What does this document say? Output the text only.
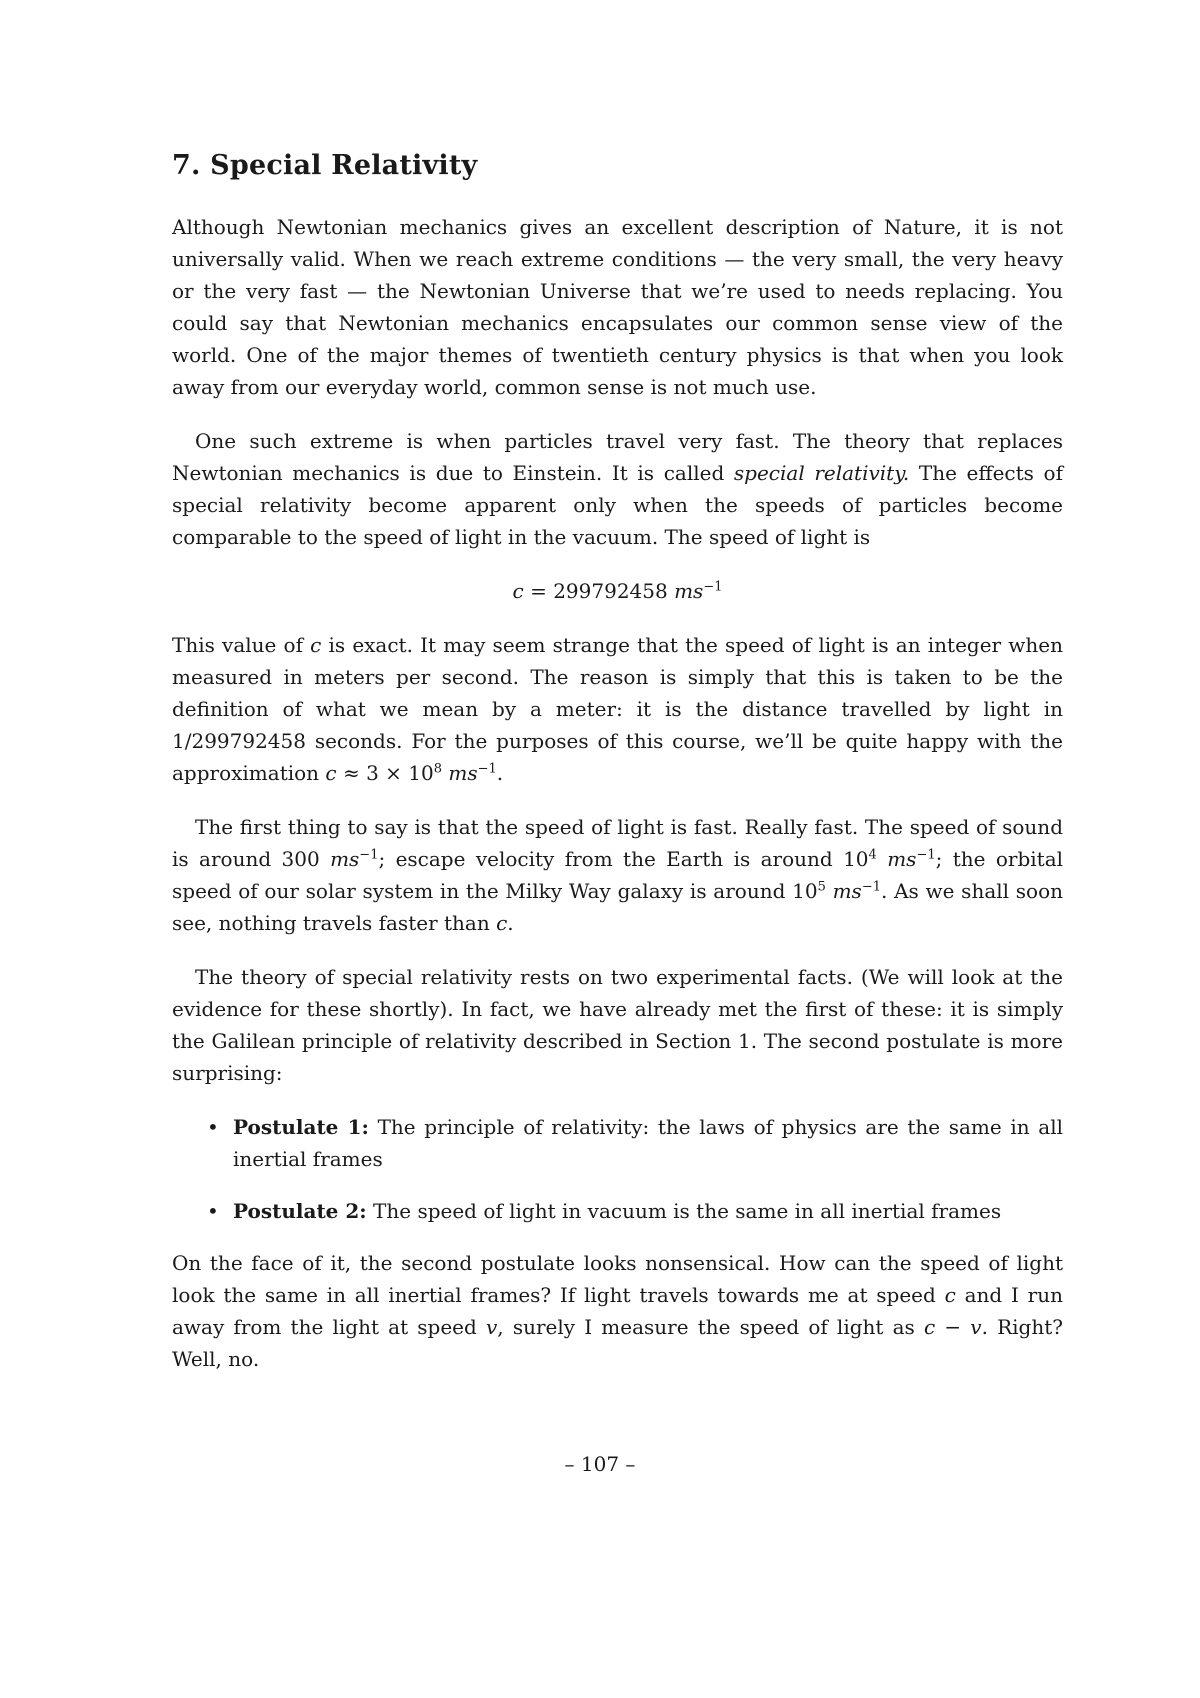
7. Special Relativity

Although Newtonian mechanics gives an excellent description of Nature, it is not universally valid. When we reach extreme conditions — the very small, the very heavy or the very fast — the Newtonian Universe that we’re used to needs replacing. You could say that Newtonian mechanics encapsulates our common sense view of the world. One of the major themes of twentieth century physics is that when you look away from our everyday world, common sense is not much use.

One such extreme is when particles travel very fast. The theory that replaces Newtonian mechanics is due to Einstein. It is called special relativity. The effects of special relativity become apparent only when the speeds of particles become comparable to the speed of light in the vacuum. The speed of light is

c = 299792458 $ms^{-1}$

This value of c is exact. It may seem strange that the speed of light is an integer when measured in meters per second. The reason is simply that this is taken to be the definition of what we mean by a meter: it is the distance travelled by light in 1/299792458 seconds. For the purposes of this course, we’ll be quite happy with the approximation $c \approx 3 \times 10^8$ $ms^{-1}$.

The first thing to say is that the speed of light is fast. Really fast. The speed of sound is around 300 $ms^{-1}$; escape velocity from the Earth is around $10^4$ $ms^{-1}$; the orbital speed of our solar system in the Milky Way galaxy is around $10^5$ $ms^{-1}$. As we shall soon see, nothing travels faster than c.

The theory of special relativity rests on two experimental facts. (We will look at the evidence for these shortly). In fact, we have already met the first of these: it is simply the Galilean principle of relativity described in Section 1. The second postulate is more surprising:

• Postulate 1: The principle of relativity: the laws of physics are the same in all inertial frames
• Postulate 2: The speed of light in vacuum is the same in all inertial frames

On the face of it, the second postulate looks nonsensical. How can the speed of light look the same in all inertial frames? If light travels towards me at speed c and I run away from the light at speed v, surely I measure the speed of light as c − v. Right? Well, no.

– 107 –
